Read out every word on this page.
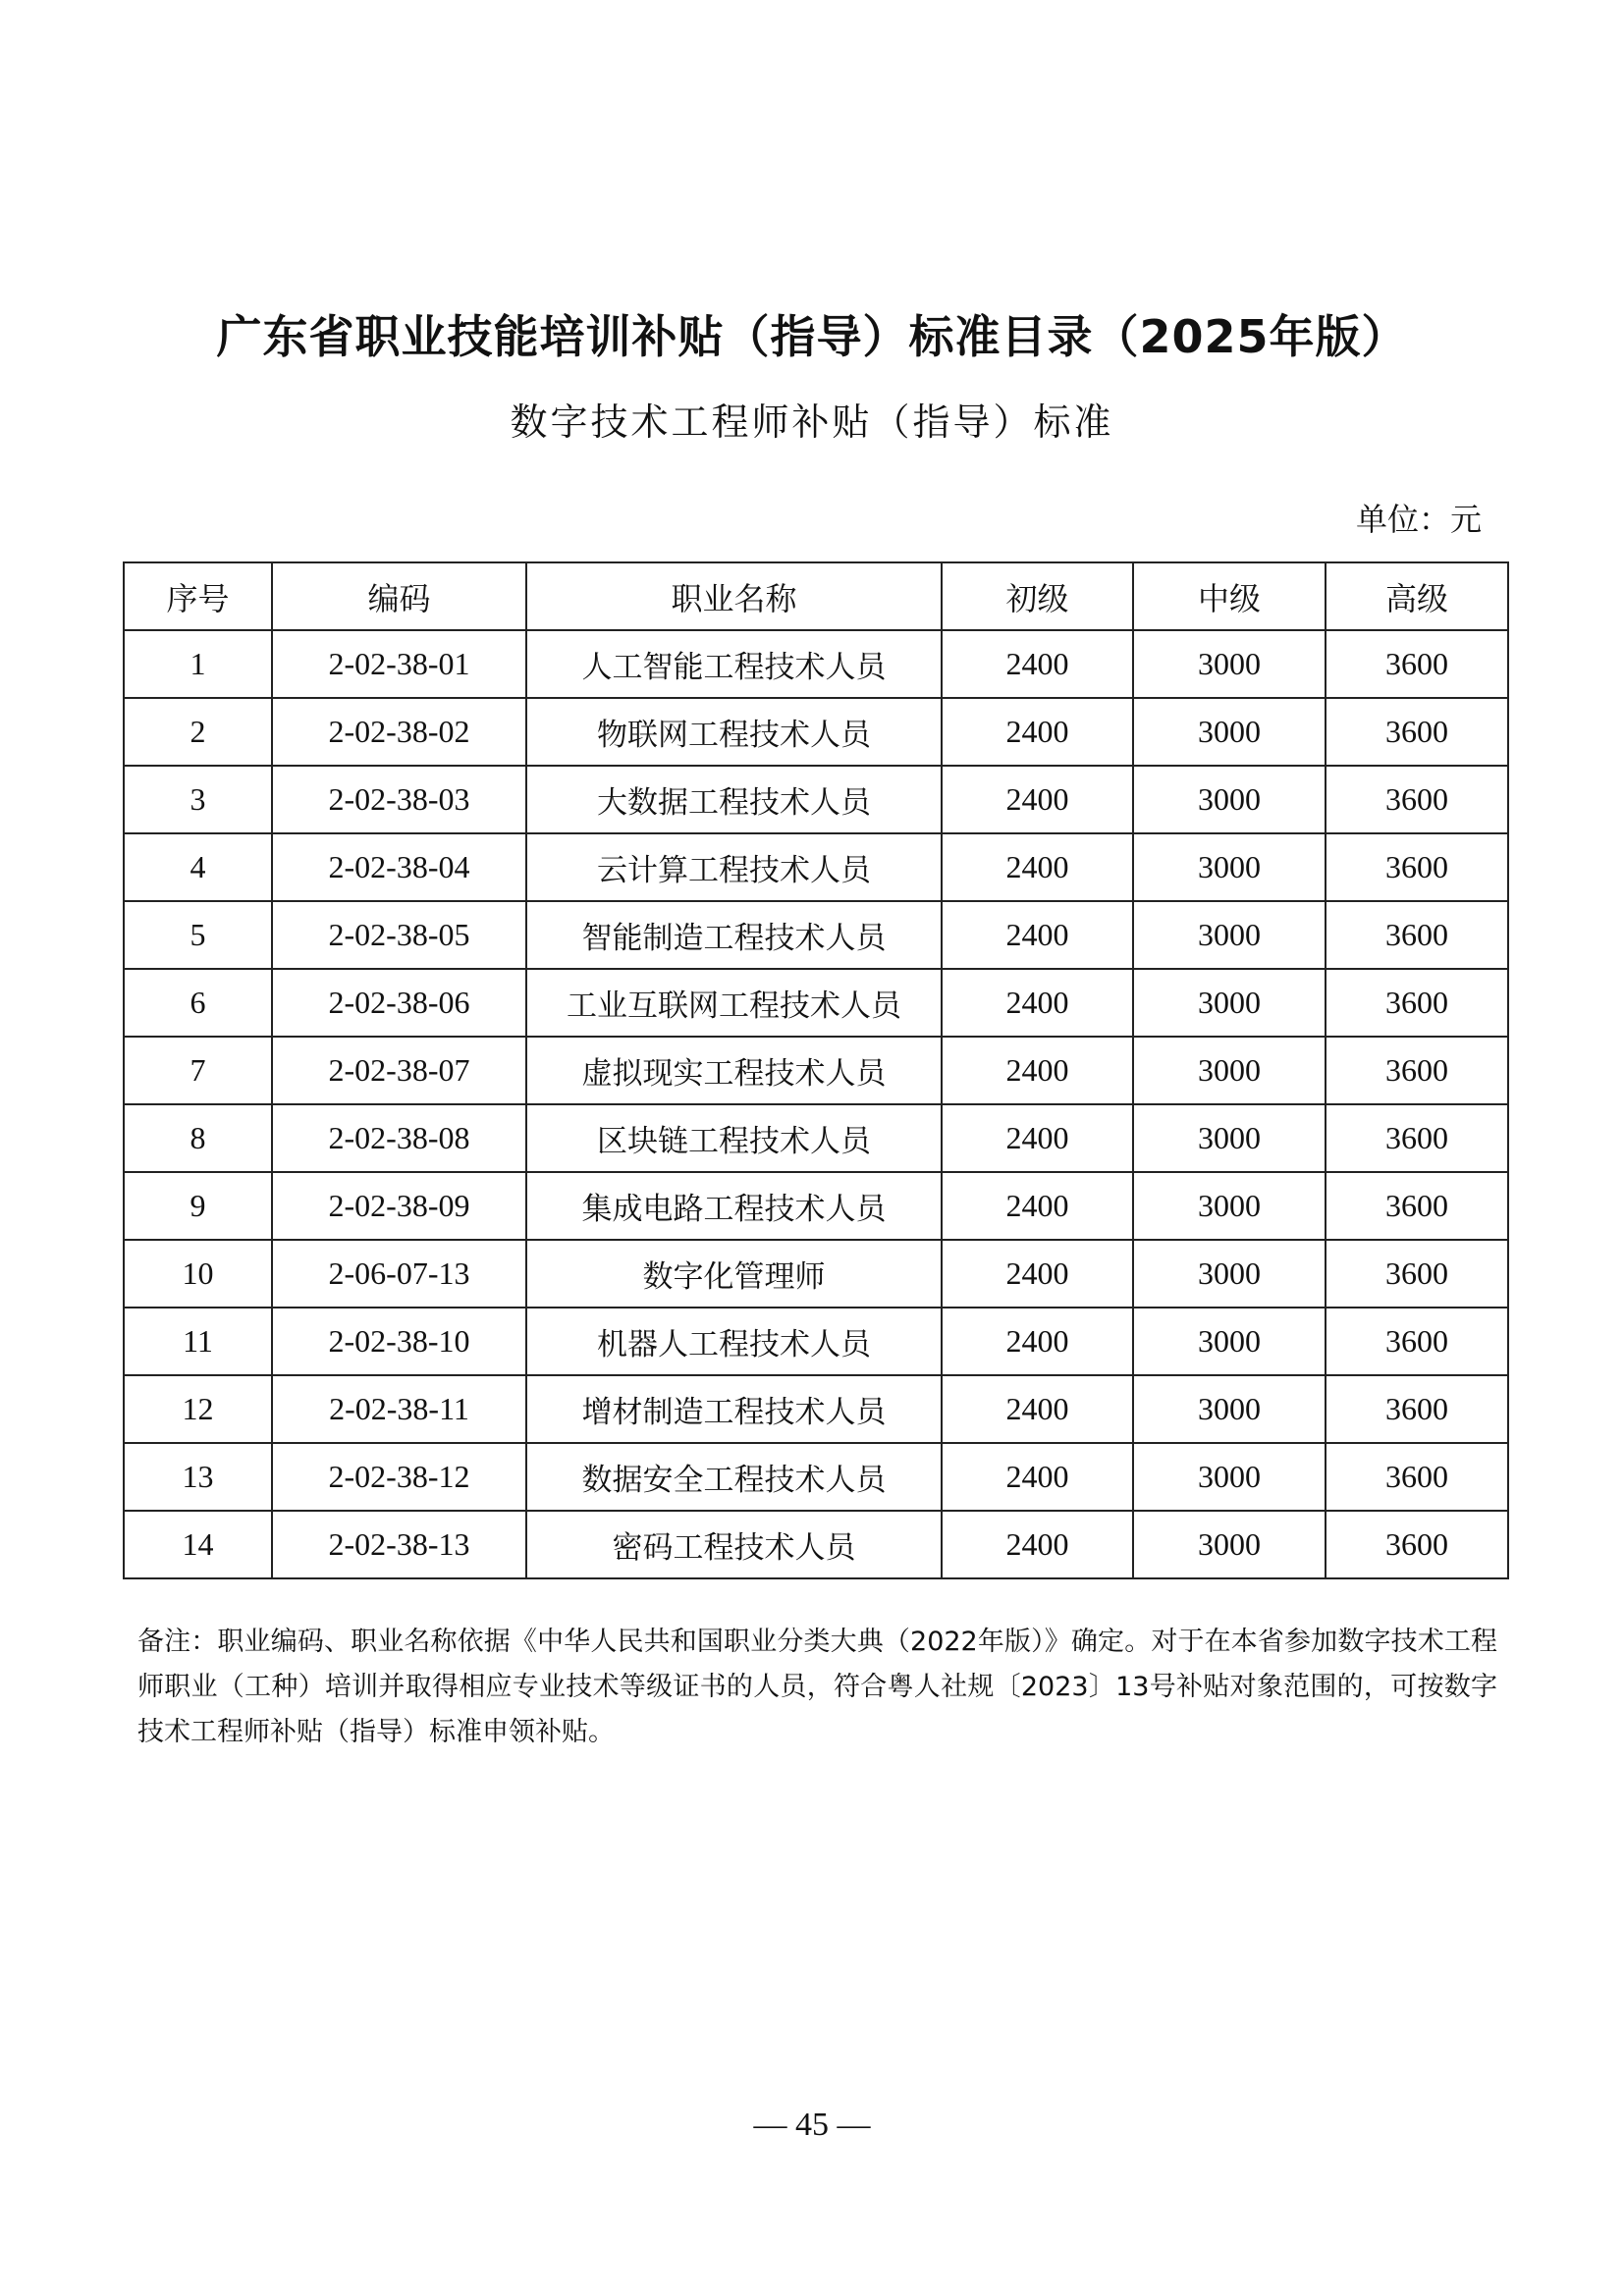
广东省职业技能培训补贴（指导）标准目录（2025年版）
数字技术工程师补贴（指导）标准
单位：元
序号	编码	职业名称	初级	中级	高级
1	2-02-38-01	人工智能工程技术人员	2400	3000	3600
2	2-02-38-02	物联网工程技术人员	2400	3000	3600
3	2-02-38-03	大数据工程技术人员	2400	3000	3600
4	2-02-38-04	云计算工程技术人员	2400	3000	3600
5	2-02-38-05	智能制造工程技术人员	2400	3000	3600
6	2-02-38-06	工业互联网工程技术人员	2400	3000	3600
7	2-02-38-07	虚拟现实工程技术人员	2400	3000	3600
8	2-02-38-08	区块链工程技术人员	2400	3000	3600
9	2-02-38-09	集成电路工程技术人员	2400	3000	3600
10	2-06-07-13	数字化管理师	2400	3000	3600
11	2-02-38-10	机器人工程技术人员	2400	3000	3600
12	2-02-38-11	增材制造工程技术人员	2400	3000	3600
13	2-02-38-12	数据安全工程技术人员	2400	3000	3600
14	2-02-38-13	密码工程技术人员	2400	3000	3600
备注：职业编码、职业名称依据《中华人民共和国职业分类大典（2022年版）》确定。对于在本省参加数字技术工程师职业（工种）培训并取得相应专业技术等级证书的人员，符合粤人社规〔2023〕13号补贴对象范围的，可按数字技术工程师补贴（指导）标准申领补贴。
— 45 —
